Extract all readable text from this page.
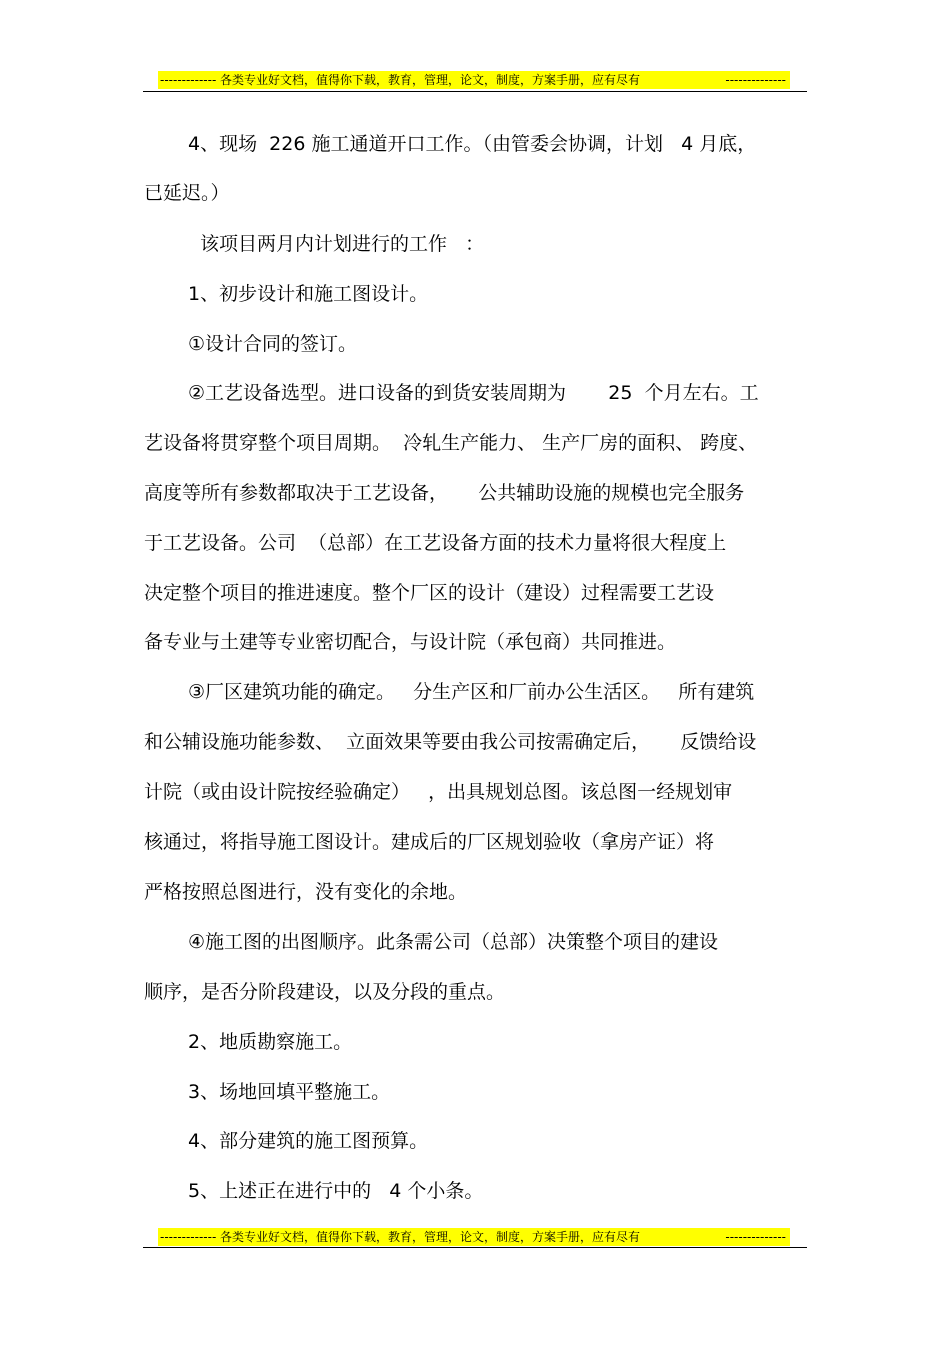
------------- 各类专业好文档，值得你下载，教育，管理，论文，制度，方案手册，应有尽有	--------------
4、现场  226 施工通道开口工作。（由管委会协调，计划   4 月底，
已延迟。）
该项目两月内计划进行的工作   ：
1、初步设计和施工图设计。
①设计合同的签订。
②工艺设备选型。进口设备的到货安装周期为       25  个月左右。工
艺设备将贯穿整个项目周期。  冷轧生产能力、 生产厂房的面积、 跨度、
高度等所有参数都取决于工艺设备，     公共辅助设施的规模也完全服务
于工艺设备。公司  （总部）在工艺设备方面的技术力量将很大程度上
决定整个项目的推进速度。整个厂区的设计（建设）过程需要工艺设
备专业与土建等专业密切配合，与设计院（承包商）共同推进。
③厂区建筑功能的确定。   分生产区和厂前办公生活区。   所有建筑
和公辅设施功能参数、  立面效果等要由我公司按需确定后，     反馈给设
计院（或由设计院按经验确定）   ，出具规划总图。该总图一经规划审
核通过，将指导施工图设计。建成后的厂区规划验收（拿房产证）将
严格按照总图进行，没有变化的余地。
④施工图的出图顺序。此条需公司（总部）决策整个项目的建设
顺序，是否分阶段建设，以及分段的重点。
2、地质勘察施工。
3、场地回填平整施工。
4、部分建筑的施工图预算。
5、上述正在进行中的   4 个小条。
------------- 各类专业好文档，值得你下载，教育，管理，论文，制度，方案手册，应有尽有	--------------
